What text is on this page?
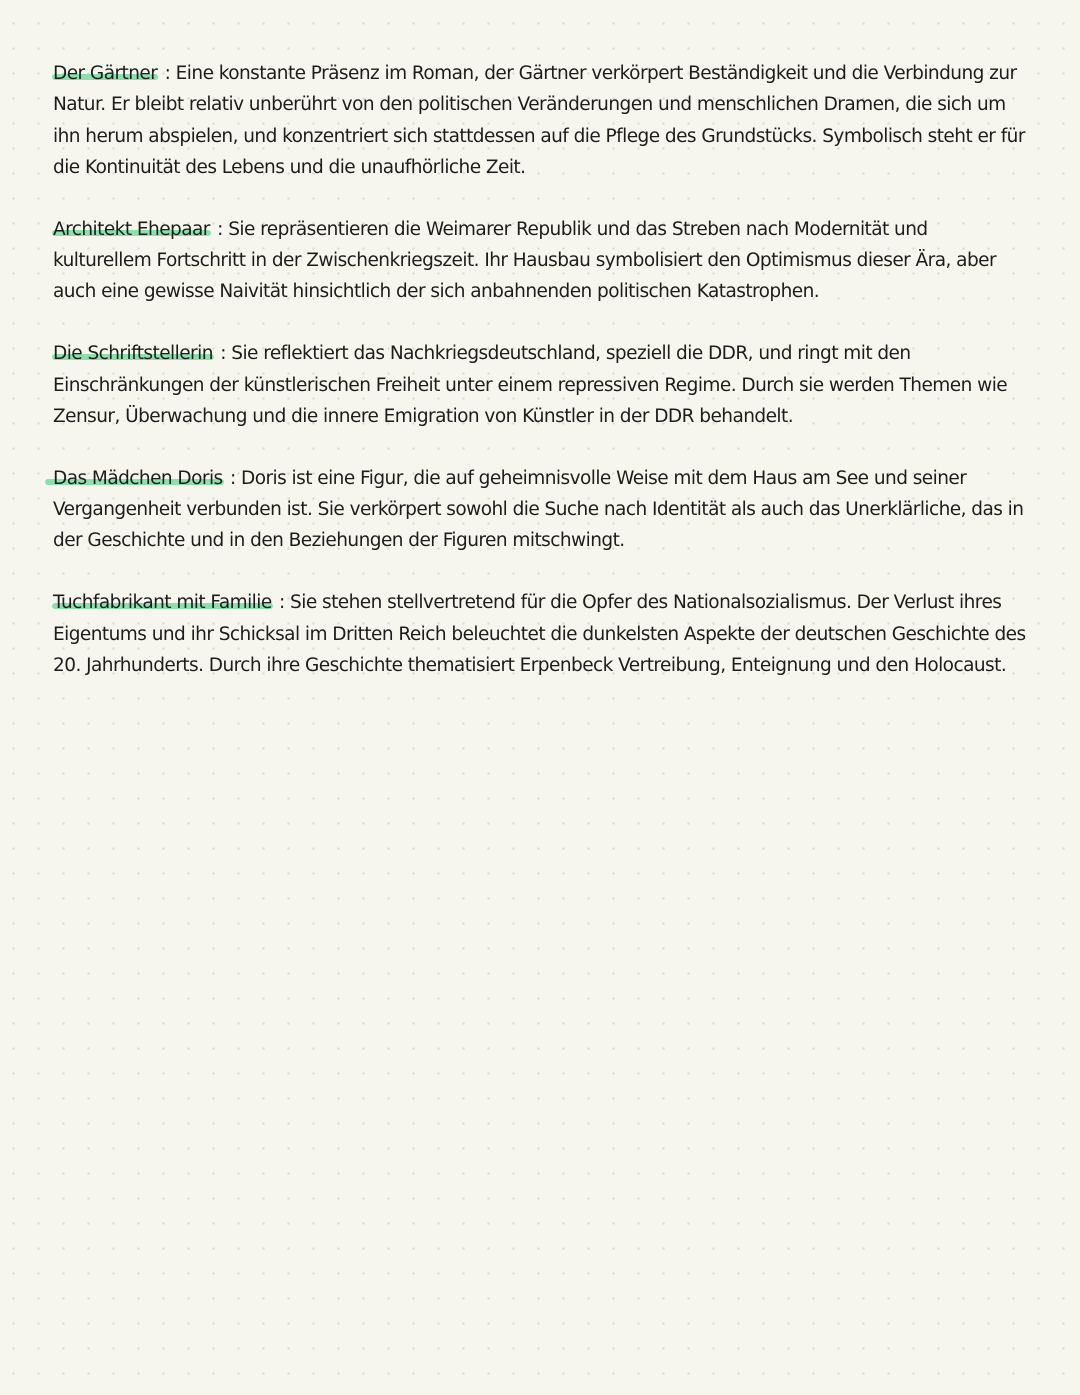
Der Gärtner : Eine konstante Präsenz im Roman, der Gärtner verkörpert Beständigkeit und die Verbindung zur Natur. Er bleibt relativ unberührt von den politischen Veränderungen und menschlichen Dramen, die sich um ihn herum abspielen, und konzentriert sich stattdessen auf die Pflege des Grundstücks. Symbolisch steht er für die Kontinuität des Lebens und die unaufhörliche Zeit.

Architekt Ehepaar : Sie repräsentieren die Weimarer Republik und das Streben nach Modernität und kulturellem Fortschritt in der Zwischenkriegszeit. Ihr Hausbau symbolisiert den Optimismus dieser Ära, aber auch eine gewisse Naivität hinsichtlich der sich anbahnenden politischen Katastrophen.

Die Schriftstellerin : Sie reflektiert das Nachkriegsdeutschland, speziell die DDR, und ringt mit den Einschränkungen der künstlerischen Freiheit unter einem repressiven Regime. Durch sie werden Themen wie Zensur, Überwachung und die innere Emigration von Künstler in der DDR behandelt.

Das Mädchen Doris : Doris ist eine Figur, die auf geheimnisvolle Weise mit dem Haus am See und seiner Vergangenheit verbunden ist. Sie verkörpert sowohl die Suche nach Identität als auch das Unerklärliche, das in der Geschichte und in den Beziehungen der Figuren mitschwingt.

Tuchfabrikant mit Familie : Sie stehen stellvertretend für die Opfer des Nationalsozialismus. Der Verlust ihres Eigentums und ihr Schicksal im Dritten Reich beleuchtet die dunkelsten Aspekte der deutschen Geschichte des 20. Jahrhunderts. Durch ihre Geschichte thematisiert Erpenbeck Vertreibung, Enteignung und den Holocaust.
